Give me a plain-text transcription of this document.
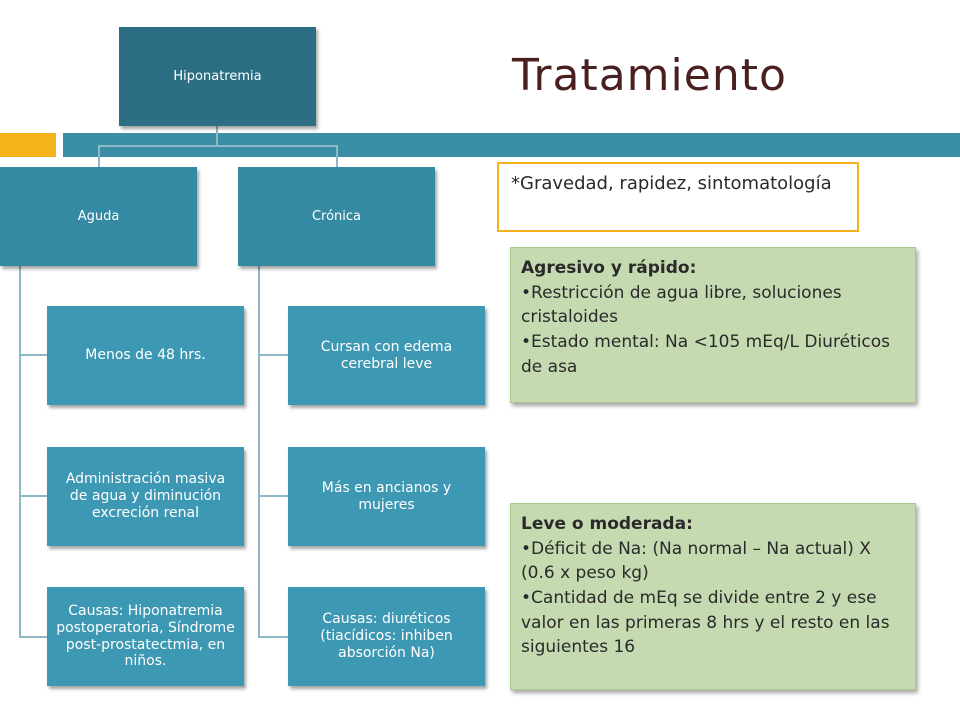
Tratamiento
Hiponatremia
Aguda	Crónica
Menos de 48 hrs.
Administración masiva de agua y diminución excreción renal
Causas: Hiponatremia postoperatoria, Síndrome post-prostatectmia, en niños.
Cursan con edema cerebral leve
Más en ancianos y mujeres
Causas: diuréticos (tiacídicos: inhiben absorción Na)
*Gravedad, rapidez, sintomatología
Agresivo y rápido:
• Restricción de agua libre, soluciones cristaloides
• Estado mental: Na <105 mEq/L Diuréticos de asa
Leve o moderada:
• Déficit de Na: (Na normal – Na actual) X (0.6 x peso kg)
• Cantidad de mEq se divide entre 2 y ese valor en las primeras 8 hrs y el resto en las siguientes 16
